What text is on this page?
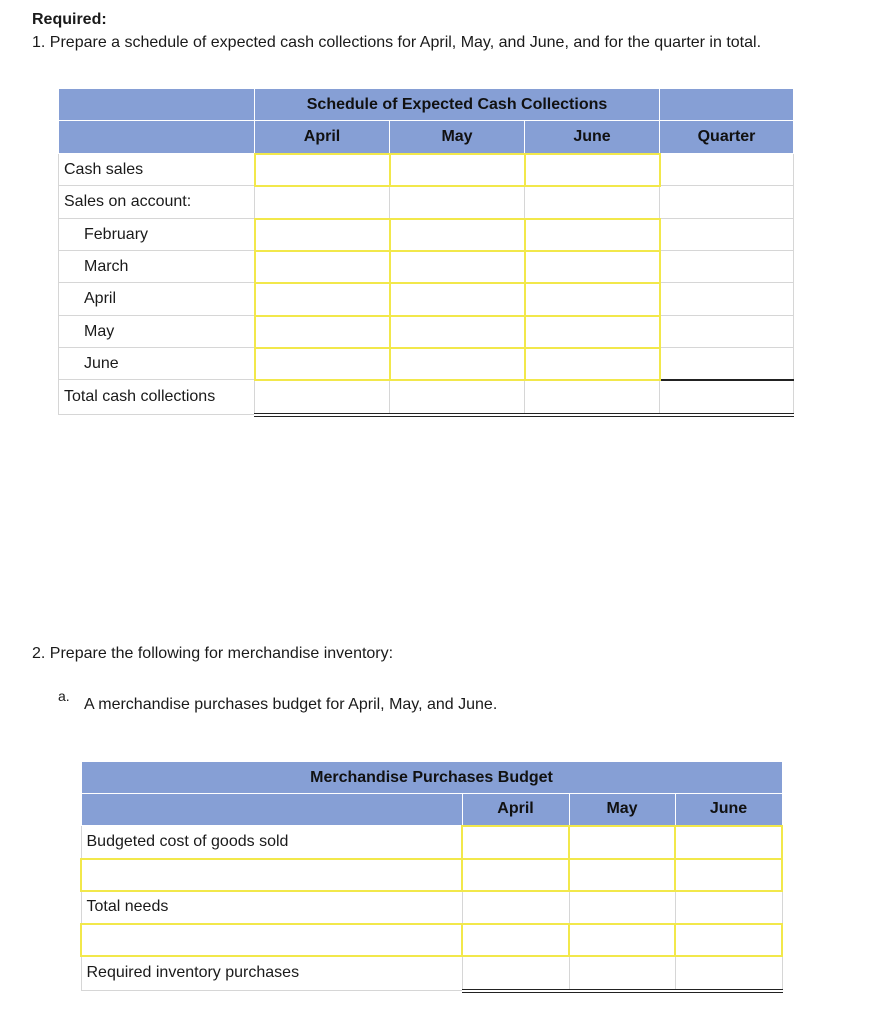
Required:
1. Prepare a schedule of expected cash collections for April, May, and June, and for the quarter in total.
	Schedule of Expected Cash Collections			
	April	May	June	Quarter
Cash sales				
Sales on account:				
February				
March				
April				
May				
June				
Total cash collections				
2. Prepare the following for merchandise inventory:
a. A merchandise purchases budget for April, May, and June.
Merchandise Purchases Budget			
	April	May	June
Budgeted cost of goods sold			

Total needs			

Required inventory purchases			
